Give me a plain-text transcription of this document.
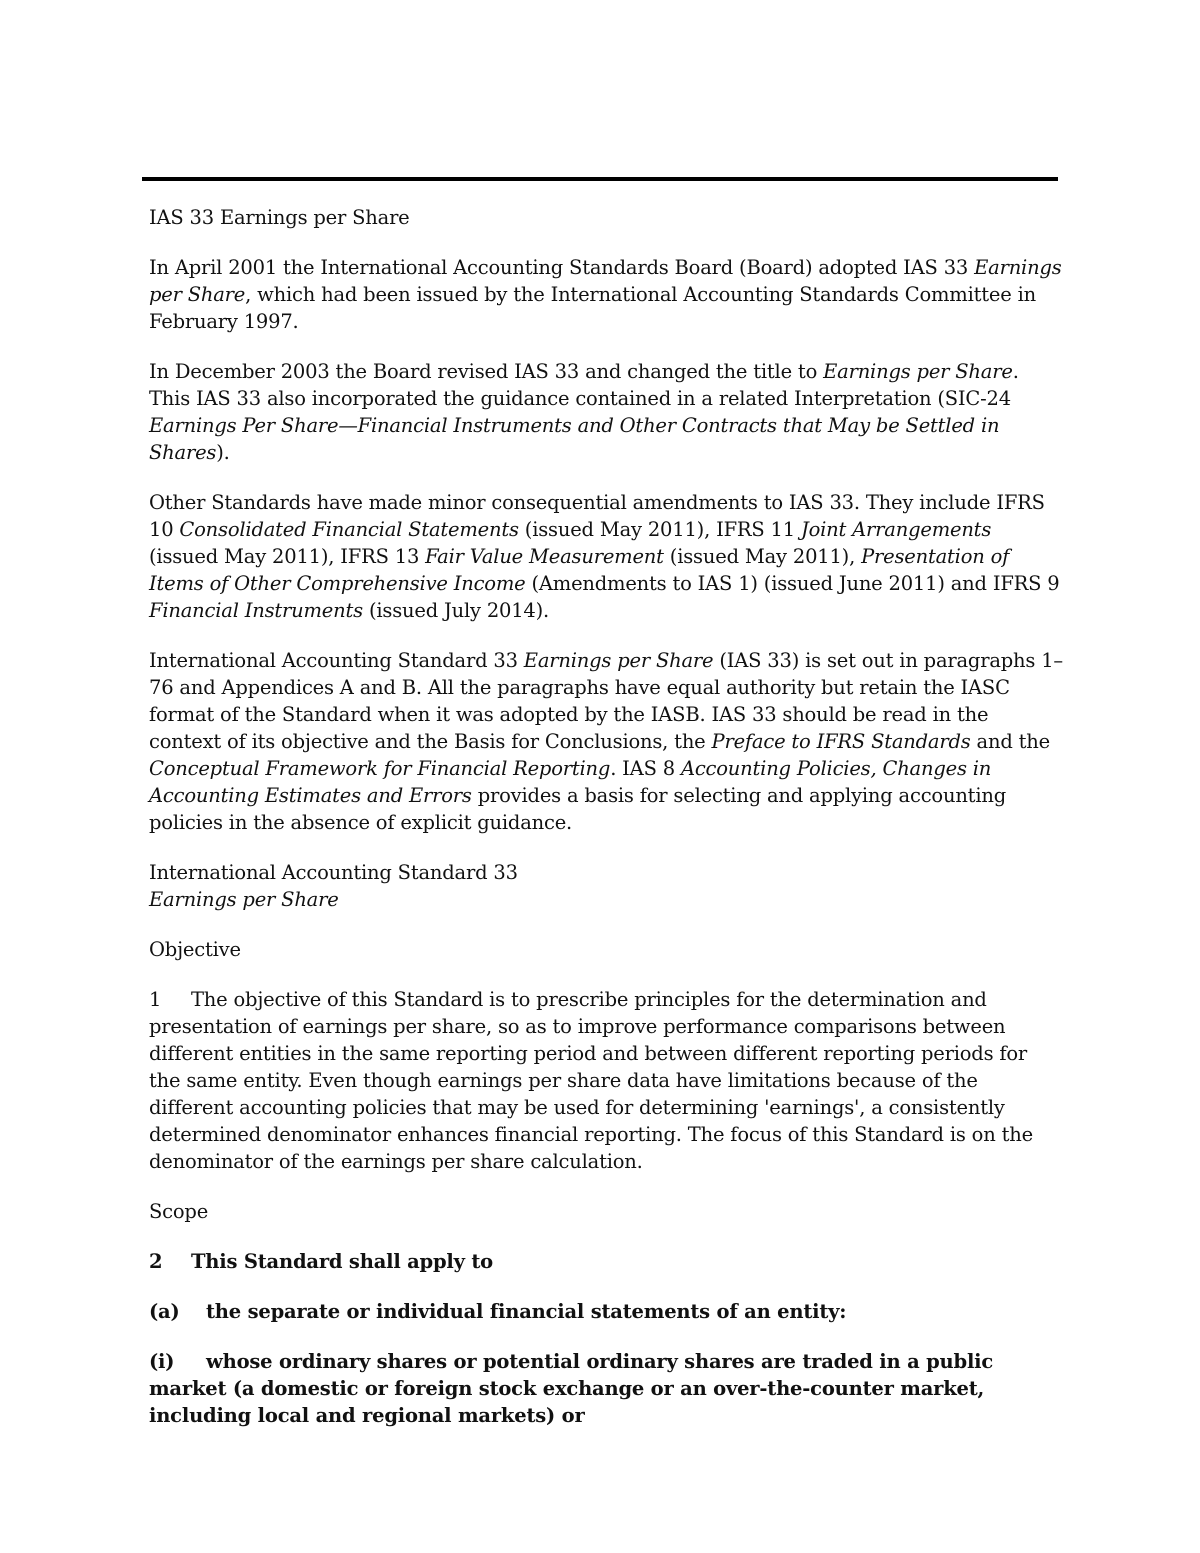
IAS 33 Earnings per Share

In April 2001 the International Accounting Standards Board (Board) adopted IAS 33 Earnings per Share, which had been issued by the International Accounting Standards Committee in February 1997.

In December 2003 the Board revised IAS 33 and changed the title to Earnings per Share. This IAS 33 also incorporated the guidance contained in a related Interpretation (SIC-24 Earnings Per Share—Financial Instruments and Other Contracts that May be Settled in Shares).

Other Standards have made minor consequential amendments to IAS 33. They include IFRS 10 Consolidated Financial Statements (issued May 2011), IFRS 11 Joint Arrangements (issued May 2011), IFRS 13 Fair Value Measurement (issued May 2011), Presentation of Items of Other Comprehensive Income (Amendments to IAS 1) (issued June 2011) and IFRS 9 Financial Instruments (issued July 2014).

International Accounting Standard 33 Earnings per Share (IAS 33) is set out in paragraphs 1–76 and Appendices A and B. All the paragraphs have equal authority but retain the IASC format of the Standard when it was adopted by the IASB. IAS 33 should be read in the context of its objective and the Basis for Conclusions, the Preface to IFRS Standards and the Conceptual Framework for Financial Reporting. IAS 8 Accounting Policies, Changes in Accounting Estimates and Errors provides a basis for selecting and applying accounting policies in the absence of explicit guidance.

International Accounting Standard 33
Earnings per Share

Objective

1 The objective of this Standard is to prescribe principles for the determination and presentation of earnings per share, so as to improve performance comparisons between different entities in the same reporting period and between different reporting periods for the same entity. Even though earnings per share data have limitations because of the different accounting policies that may be used for determining 'earnings', a consistently determined denominator enhances financial reporting. The focus of this Standard is on the denominator of the earnings per share calculation.

Scope

2 This Standard shall apply to

(a) the separate or individual financial statements of an entity:

(i) whose ordinary shares or potential ordinary shares are traded in a public market (a domestic or foreign stock exchange or an over-the-counter market, including local and regional markets) or
